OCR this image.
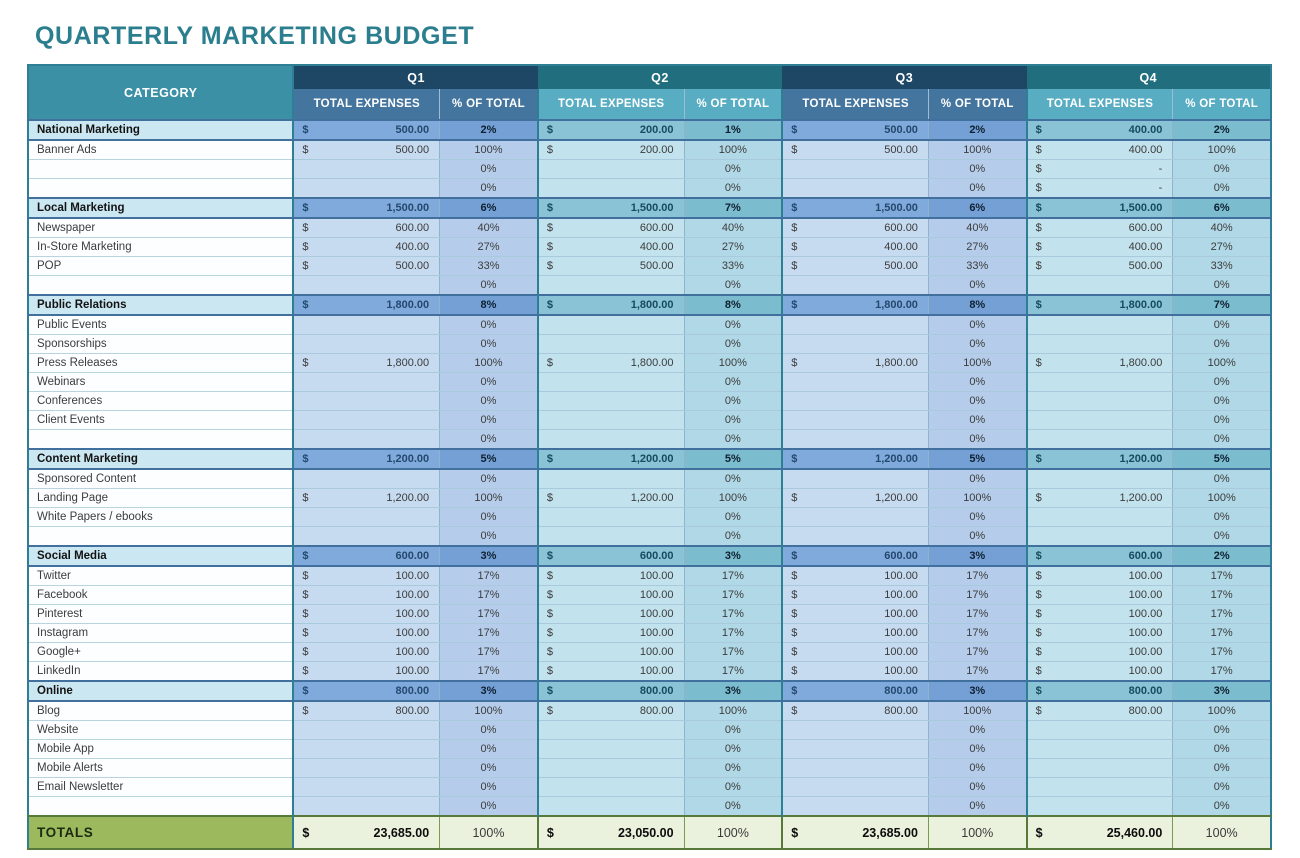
QUARTERLY MARKETING BUDGET
CATEGORY	Q1		Q2		Q3		Q4	
	TOTAL EXPENSES	% OF TOTAL	TOTAL EXPENSES	% OF TOTAL	TOTAL EXPENSES	% OF TOTAL	TOTAL EXPENSES	% OF TOTAL
National Marketing	$ 500.00	2%	$ 200.00	1%	$ 500.00	2%	$ 400.00	2%
Banner Ads	$ 500.00	100%	$ 200.00	100%	$ 500.00	100%	$ 400.00	100%

	0%		0%		0%	$ -	0%

	0%		0%		0%	$ -	0%
Local Marketing	$ 1,500.00	6%	$ 1,500.00	7%	$ 1,500.00	6%	$ 1,500.00	6%
Newspaper	$ 600.00	40%	$ 600.00	40%	$ 600.00	40%	$ 600.00	40%
In-Store Marketing	$ 400.00	27%	$ 400.00	27%	$ 400.00	27%	$ 400.00	27%
POP	$ 500.00	33%	$ 500.00	33%	$ 500.00	33%	$ 500.00	33%

	0%		0%		0%		0%
Public Relations	$ 1,800.00	8%	$ 1,800.00	8%	$ 1,800.00	8%	$ 1,800.00	7%
Public Events		0%		0%		0%		0%
Sponsorships		0%		0%		0%		0%
Press Releases	$ 1,800.00	100%	$ 1,800.00	100%	$ 1,800.00	100%	$ 1,800.00	100%
Webinars		0%		0%		0%		0%
Conferences		0%		0%		0%		0%
Client Events		0%		0%		0%		0%

	0%		0%		0%		0%
Content Marketing	$ 1,200.00	5%	$ 1,200.00	5%	$ 1,200.00	5%	$ 1,200.00	5%
Sponsored Content		0%		0%		0%		0%
Landing Page	$ 1,200.00	100%	$ 1,200.00	100%	$ 1,200.00	100%	$ 1,200.00	100%
White Papers / ebooks		0%		0%		0%		0%

	0%		0%		0%		0%
Social Media	$ 600.00	3%	$ 600.00	3%	$ 600.00	3%	$ 600.00	2%
Twitter	$ 100.00	17%	$ 100.00	17%	$ 100.00	17%	$ 100.00	17%
Facebook	$ 100.00	17%	$ 100.00	17%	$ 100.00	17%	$ 100.00	17%
Pinterest	$ 100.00	17%	$ 100.00	17%	$ 100.00	17%	$ 100.00	17%
Instagram	$ 100.00	17%	$ 100.00	17%	$ 100.00	17%	$ 100.00	17%
Google+	$ 100.00	17%	$ 100.00	17%	$ 100.00	17%	$ 100.00	17%
LinkedIn	$ 100.00	17%	$ 100.00	17%	$ 100.00	17%	$ 100.00	17%
Online	$ 800.00	3%	$ 800.00	3%	$ 800.00	3%	$ 800.00	3%
Blog	$ 800.00	100%	$ 800.00	100%	$ 800.00	100%	$ 800.00	100%
Website		0%		0%		0%		0%
Mobile App		0%		0%		0%		0%
Mobile Alerts		0%		0%		0%		0%
Email Newsletter		0%		0%		0%		0%

	0%		0%		0%		0%
TOTALS	$ 23,685.00	100%	$ 23,050.00	100%	$ 23,685.00	100%	$ 25,460.00	100%
